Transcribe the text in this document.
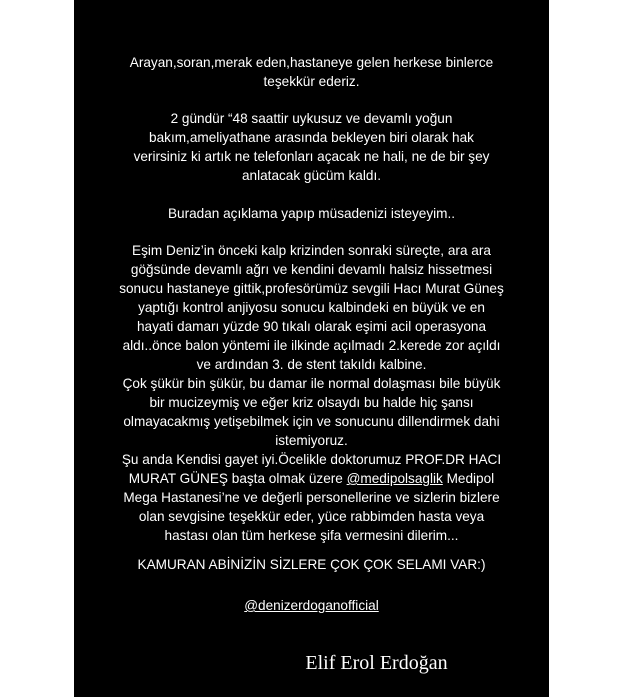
Arayan,soran,merak eden,hastaneye gelen herkese binlerce
teşekkür ederiz.

2 gündür “48 saattir uykusuz ve devamlı yoğun
bakım,ameliyathane arasında bekleyen biri olarak hak
verirsiniz ki artık ne telefonları açacak ne hali, ne de bir şey
anlatacak gücüm kaldı.

Buradan açıklama yapıp müsadenizi isteyeyim..

Eşim Deniz’in önceki kalp krizinden sonraki süreçte, ara ara
göğsünde devamlı ağrı ve kendini devamlı halsiz hissetmesi
sonucu hastaneye gittik,profesörümüz sevgili Hacı Murat Güneş
yaptığı kontrol anjiyosu sonucu kalbindeki en büyük ve en
hayati damarı yüzde 90 tıkalı olarak eşimi acil operasyona
aldı..önce balon yöntemi ile ilkinde açılmadı 2.kerede zor açıldı
ve ardından 3. de stent takıldı kalbine.
Çok şükür bin şükür, bu damar ile normal dolaşması bile büyük
bir mucizeymiş ve eğer kriz olsaydı bu halde hiç şansı
olmayacakmış yetişebilmek için ve sonucunu dillendirmek dahi
istemiyoruz.
Şu anda Kendisi gayet iyi.Öcelikle doktorumuz PROF.DR HACI
MURAT GÜNEŞ başta olmak üzere @medipolsaglik Medipol
Mega Hastanesi’ne ve değerli personellerine ve sizlerin bizlere
olan sevgisine teşekkür eder, yüce rabbimden hasta veya
hastası olan tüm herkese şifa vermesini dilerim...

KAMURAN ABİNİZİN SİZLERE ÇOK ÇOK SELAMI VAR:)

@denizerdoganofficial

Elif Erol Erdoğan
